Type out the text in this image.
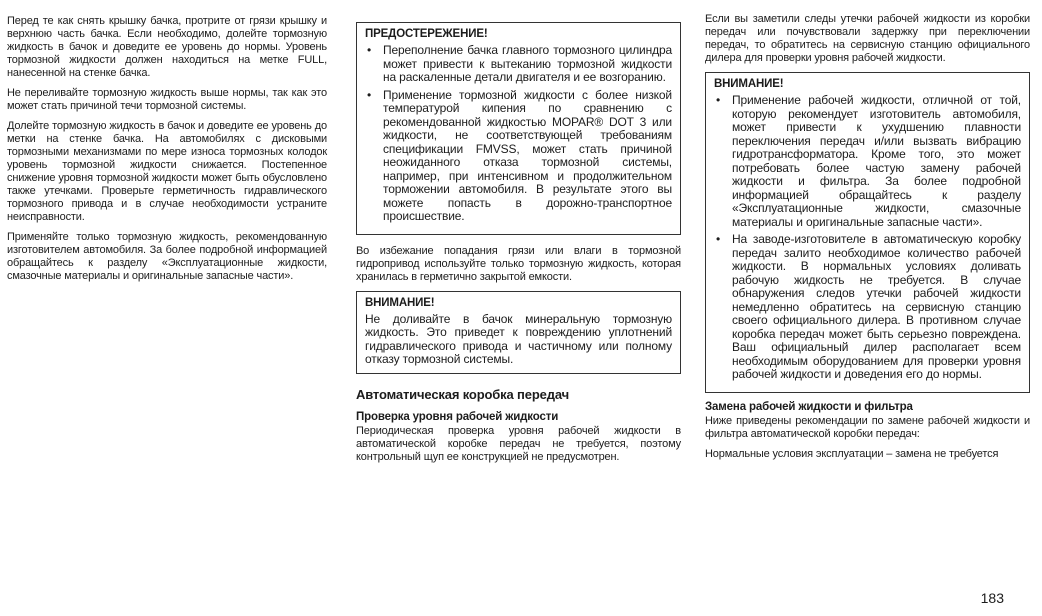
Перед те как снять крышку бачка, протрите от грязи крышку и верхнюю часть бачка. Если необходимо, долейте тормозную жидкость в бачок и доведите ее уровень до нормы. Уровень тормозной жидкости должен находиться на метке FULL, нанесенной на стенке бачка.

Не переливайте тормозную жидкость выше нормы, так как это может стать причиной течи тормозной системы.

Долейте тормозную жидкость в бачок и доведите ее уровень до метки на стенке бачка. На автомобилях с дисковыми тормозными механизмами по мере износа тормозных колодок уровень тормозной жидкости снижается. Постепенное снижение уровня тормозной жидкости может быть обусловлено также утечками. Проверьте герметичность гидравлического тормозного привода и в случае необходимости устраните неисправности.

Применяйте только тормозную жидкость, рекомендованную изготовителем автомобиля. За более подробной информацией обращайтесь к разделу «Эксплуатационные жидкости, смазочные материалы и оригинальные запасные части».

ПРЕДОСТЕРЕЖЕНИЕ!
• Переполнение бачка главного тормозного цилиндра может привести к вытеканию тормозной жидкости на раскаленные детали двигателя и ее возгоранию.
• Применение тормозной жидкости с более низкой температурой кипения по сравнению с рекомендованной жидкостью MOPAR® DOT 3 или жидкости, не соответствующей требованиям спецификации FMVSS, может стать причиной неожиданного отказа тормозной системы, например, при интенсивном и продолжительном торможении автомобиля. В результате этого вы можете попасть в дорожно-транспортное происшествие.

Во избежание попадания грязи или влаги в тормозной гидропривод используйте только тормозную жидкость, которая хранилась в герметично закрытой емкости.

ВНИМАНИЕ!

Не доливайте в бачок минеральную тормозную жидкость. Это приведет к повреждению уплотнений гидравлического привода и частичному или полному отказу тормозной системы.

Автоматическая коробка передач
Проверка уровня рабочей жидкости

Периодическая проверка уровня рабочей жидкости в автоматической коробке передач не требуется, поэтому контрольный щуп ее конструкцией не предусмотрен.

Если вы заметили следы утечки рабочей жидкости из коробки передач или почувствовали задержку при переключении передач, то обратитесь на сервисную станцию официального дилера для проверки уровня рабочей жидкости.

ВНИМАНИЕ!
• Применение рабочей жидкости, отличной от той, которую рекомендует изготовитель автомобиля, может привести к ухудшению плавности переключения передач и/или вызвать вибрацию гидротрансформатора. Кроме того, это может потребовать более частую замену рабочей жидкости и фильтра. За более подробной информацией обращайтесь к разделу «Эксплуатационные жидкости, смазочные материалы и оригинальные запасные части».
• На заводе-изготовителе в автоматическую коробку передач залито необходимое количество рабочей жидкости. В нормальных условиях доливать рабочую жидкость не требуется. В случае обнаружения следов утечки рабочей жидкости немедленно обратитесь на сервисную станцию своего официального дилера. В противном случае коробка передач может быть серьезно повреждена. Ваш официальный дилер располагает всем необходимым оборудованием для проверки уровня рабочей жидкости и доведения его до нормы.
Замена рабочей жидкости и фильтра

Ниже приведены рекомендации по замене рабочей жидкости и фильтра автоматической коробки передач:

Нормальные условия эксплуатации – замена не требуется

183
